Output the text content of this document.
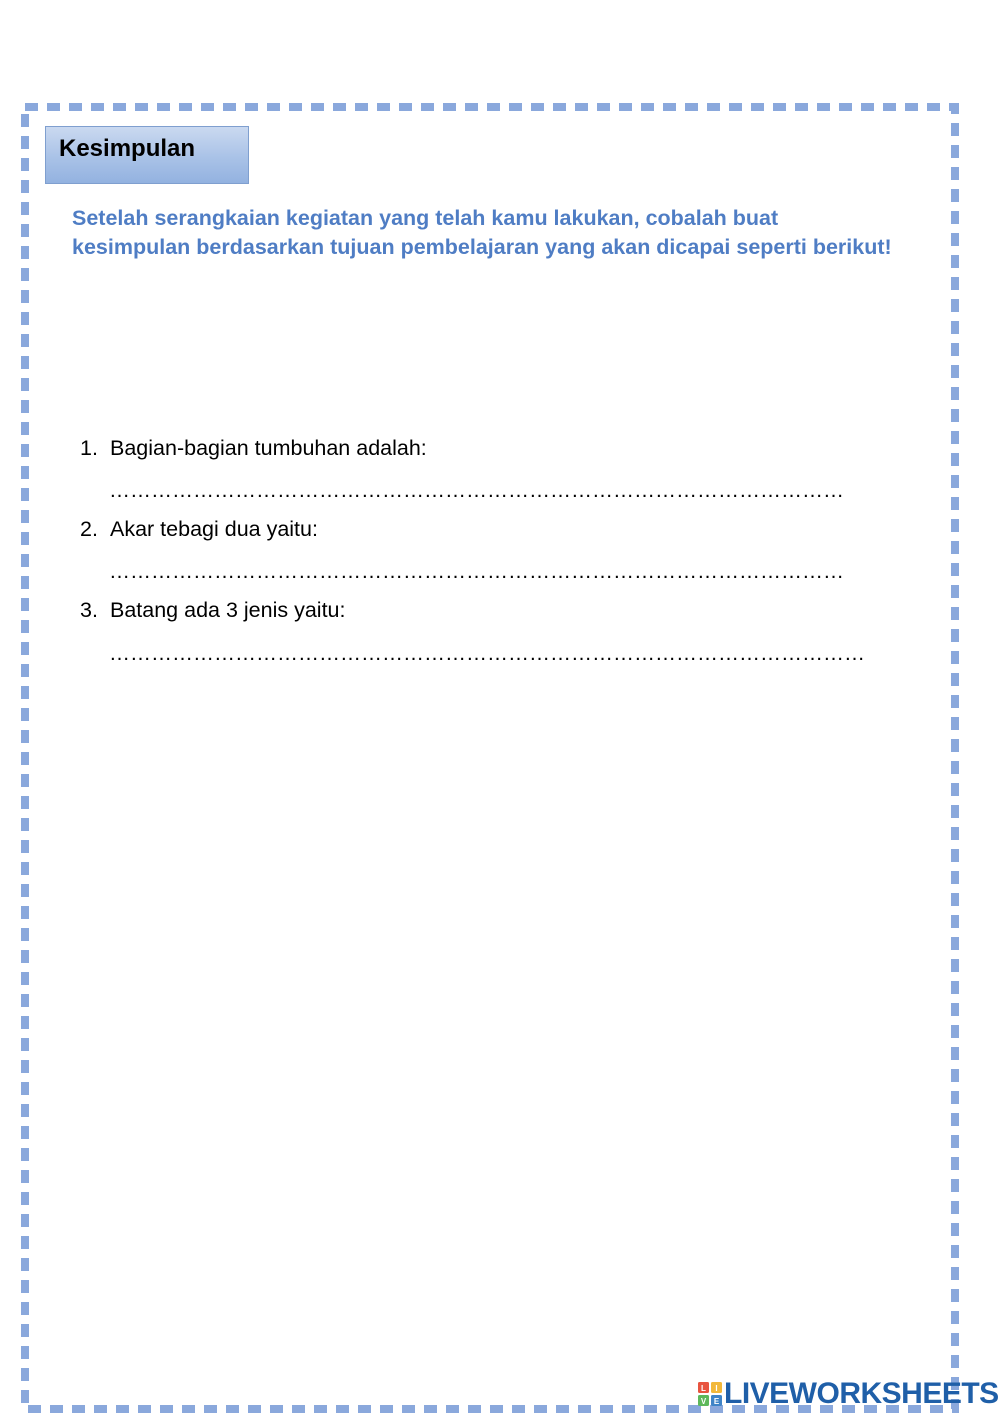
Kesimpulan

Setelah serangkaian kegiatan yang telah kamu lakukan, cobalah buat kesimpulan berdasarkan tujuan pembelajaran yang akan dicapai seperti berikut!

1. Bagian-bagian tumbuhan adalah:
……………………………………………………………………………………………
2. Akar tebagi dua yaitu:
……………………………………………………………………………………………
3. Batang ada 3 jenis yaitu:
………………………………………………………………………………………………
L I
V E LIVEWORKSHEETS
